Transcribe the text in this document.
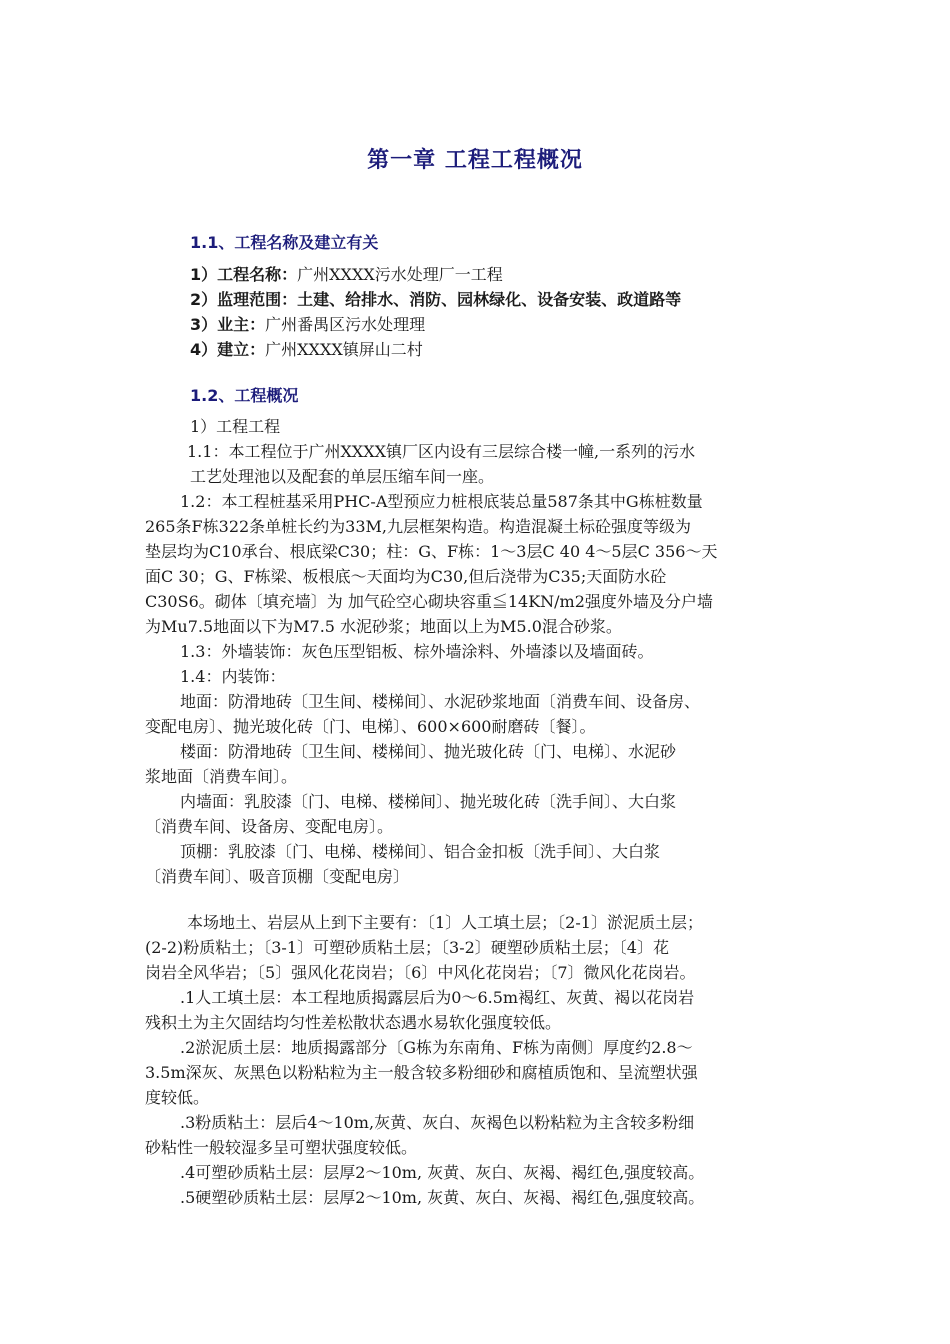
第一章 工程工程概况
1.1、工程名称及建立有关
1）工程名称：广州XXXX污水处理厂一工程
2）监理范围：土建、给排水、消防、园林绿化、设备安装、政道路等
3）业主：广州番禺区污水处理理
4）建立：广州XXXX镇屏山二村
1.2、工程概况
1）工程工程
1.1：本工程位于广州XXXX镇厂区内设有三层综合楼一幢,一系列的污水
工艺处理池以及配套的单层压缩车间一座。
1.2：本工程桩基采用PHC-A型预应力桩根底装总量587条其中G栋桩数量
265条F栋322条单桩长约为33M,九层框架构造。构造混凝土标砼强度等级为
垫层均为C10承台、根底梁C30；柱：G、F栋：1～3层C 40 4～5层C 356～天
面C 30；G、F栋梁、板根底～天面均为C30,但后浇带为C35;天面防水砼
C30S6。砌体〔填充墙〕为 加气砼空心砌块容重≦14KN/m2强度外墙及分户墙
为Mu7.5地面以下为M7.5 水泥砂浆；地面以上为M5.0混合砂浆。
1.3：外墙装饰：灰色压型铝板、棕外墙涂料、外墙漆以及墙面砖。
1.4：内装饰：
地面：防滑地砖〔卫生间、楼梯间〕、水泥砂浆地面〔消费车间、设备房、
变配电房〕、抛光玻化砖〔门、电梯〕、600×600耐磨砖〔餐〕。
楼面：防滑地砖〔卫生间、楼梯间〕、抛光玻化砖〔门、电梯〕、水泥砂
浆地面〔消费车间〕。
内墙面：乳胶漆〔门、电梯、楼梯间〕、抛光玻化砖〔洗手间〕、大白浆
〔消费车间、设备房、变配电房〕。
顶棚：乳胶漆〔门、电梯、楼梯间〕、铝合金扣板〔洗手间〕、大白浆
〔消费车间〕、吸音顶棚〔变配电房〕
本场地土、岩层从上到下主要有：〔1〕人工填土层；〔2-1〕淤泥质土层；
(2-2)粉质粘土；〔3-1〕可塑砂质粘土层；〔3-2〕硬塑砂质粘土层；〔4〕花
岗岩全风华岩；〔5〕强风化花岗岩；〔6〕中风化花岗岩；〔7〕微风化花岗岩。
.1人工填土层：本工程地质揭露层后为0～6.5m褐红、灰黄、褐以花岗岩
残积土为主欠固结均匀性差松散状态遇水易软化强度较低。
.2淤泥质土层：地质揭露部分〔G栋为东南角、F栋为南侧〕厚度约2.8～
3.5m深灰、灰黑色以粉粘粒为主一般含较多粉细砂和腐植质饱和、呈流塑状强
度较低。
.3粉质粘土：层后4～10m,灰黄、灰白、灰褐色以粉粘粒为主含较多粉细
砂粘性一般较湿多呈可塑状强度较低。
.4可塑砂质粘土层：层厚2～10m, 灰黄、灰白、灰褐、褐红色,强度较高。
.5硬塑砂质粘土层：层厚2～10m, 灰黄、灰白、灰褐、褐红色,强度较高。
